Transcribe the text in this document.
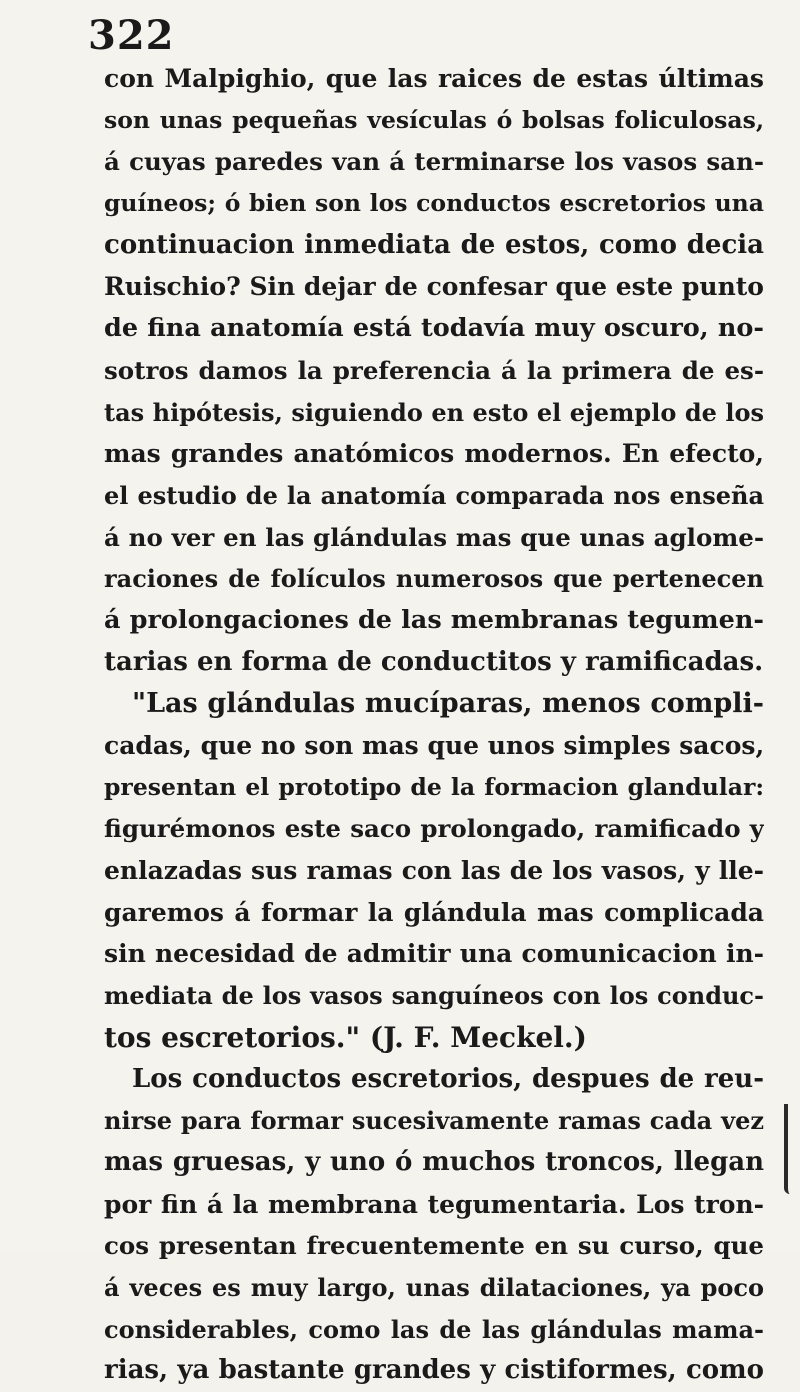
322
con Malpighio, que las raices de estas últimas
son unas pequeñas vesículas ó bolsas foliculosas,
á cuyas paredes van á terminarse los vasos san-
guíneos; ó bien son los conductos escretorios una
continuacion inmediata de estos, como decia
Ruischio? Sin dejar de confesar que este punto
de fina anatomía está todavía muy oscuro, no-
sotros damos la preferencia á la primera de es-
tas hipótesis, siguiendo en esto el ejemplo de los
mas grandes anatómicos modernos. En efecto,
el estudio de la anatomía comparada nos enseña
á no ver en las glándulas mas que unas aglome-
raciones de folículos numerosos que pertenecen
á prolongaciones de las membranas tegumen-
tarias en forma de conductitos y ramificadas.
"Las glándulas mucíparas, menos compli-
cadas, que no son mas que unos simples sacos,
presentan el prototipo de la formacion glandular:
figurémonos este saco prolongado, ramificado y
enlazadas sus ramas con las de los vasos, y lle-
garemos á formar la glándula mas complicada
sin necesidad de admitir una comunicacion in-
mediata de los vasos sanguíneos con los conduc-
tos escretorios." (J. F. Meckel.)
Los conductos escretorios, despues de reu-
nirse para formar sucesivamente ramas cada vez
mas gruesas, y uno ó muchos troncos, llegan
por fin á la membrana tegumentaria. Los tron-
cos presentan frecuentemente en su curso, que
á veces es muy largo, unas dilataciones, ya poco
considerables, como las de las glándulas mama-
rias, ya bastante grandes y cistiformes, como
